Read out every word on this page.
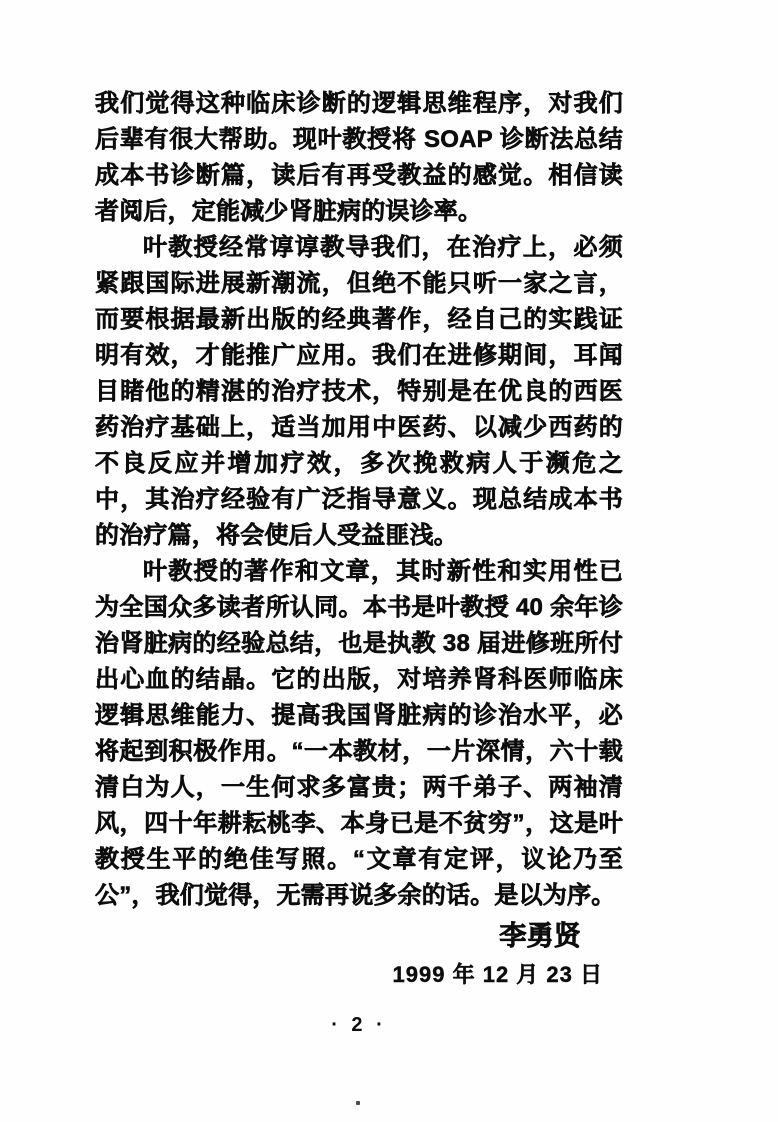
我们觉得这种临床诊断的逻辑思维程序，对我们后辈有很大帮助。现叶教授将 SOAP 诊断法总结成本书诊断篇，读后有再受教益的感觉。相信读者阅后，定能减少肾脏病的误诊率。

叶教授经常谆谆教导我们，在治疗上，必须紧跟国际进展新潮流，但绝不能只听一家之言，而要根据最新出版的经典著作，经自己的实践证明有效，才能推广应用。我们在进修期间，耳闻目睹他的精湛的治疗技术，特别是在优良的西医药治疗基础上，适当加用中医药、以减少西药的不良反应并增加疗效，多次挽救病人于濒危之中，其治疗经验有广泛指导意义。现总结成本书的治疗篇，将会使后人受益匪浅。

叶教授的著作和文章，其时新性和实用性已为全国众多读者所认同。本书是叶教授 40 余年诊治肾脏病的经验总结，也是执教 38 届进修班所付出心血的结晶。它的出版，对培养肾科医师临床逻辑思维能力、提高我国肾脏病的诊治水平，必将起到积极作用。“一本教材，一片深情，六十载清白为人，一生何求多富贵；两千弟子、两袖清风，四十年耕耘桃李、本身已是不贫穷”，这是叶教授生平的绝佳写照。“文章有定评，议论乃至公”，我们觉得，无需再说多余的话。是以为序。

李勇贤
1999 年 12 月 23 日
· 2 ·
